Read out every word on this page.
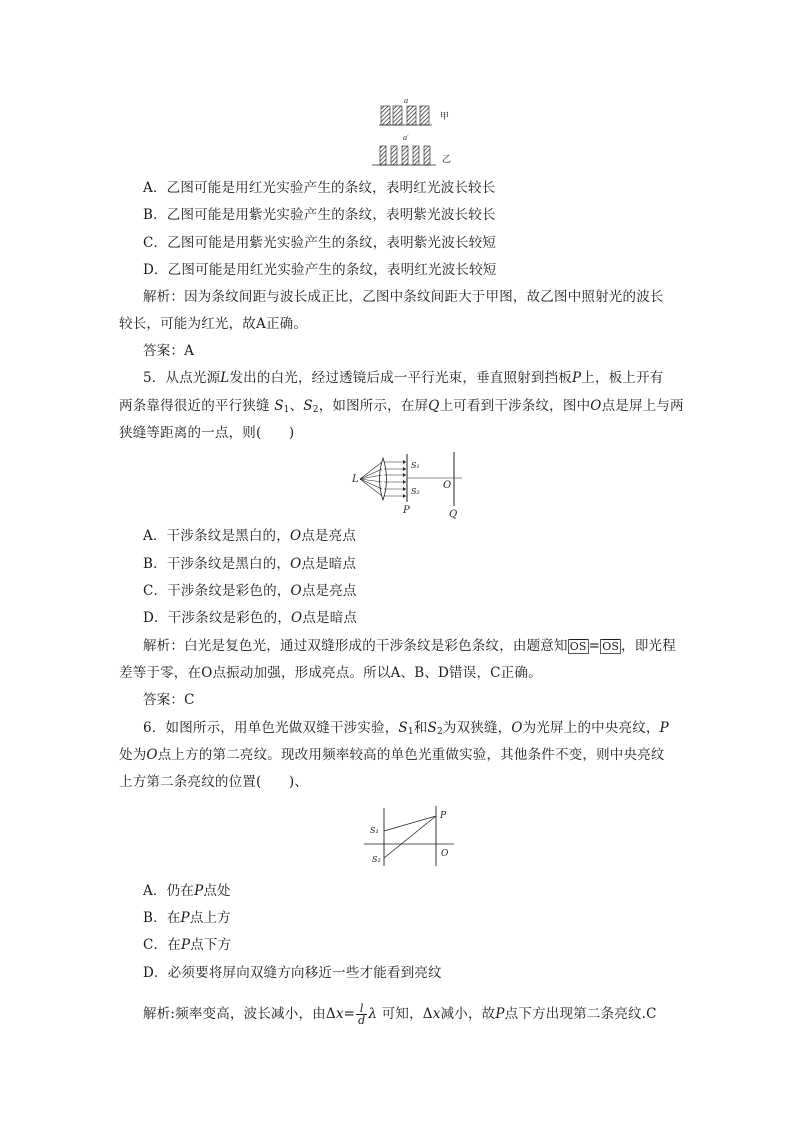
a
甲
a′
乙
A．乙图可能是用红光实验产生的条纹，表明红光波长较长
B．乙图可能是用紫光实验产生的条纹，表明紫光波长较长
C．乙图可能是用紫光实验产生的条纹，表明紫光波长较短
D．乙图可能是用红光实验产生的条纹，表明红光波长较短
解析：因为条纹间距与波长成正比，乙图中条纹间距大于甲图，故乙图中照射光的波长
较长，可能为红光，故A正确。
答案：A
5．从点光源L发出的白光，经过透镜后成一平行光束，垂直照射到挡板P上，板上开有
两条靠得很近的平行狭缝 $S_1$、$S_2$，如图所示，在屏Q上可看到干涉条纹，图中O点是屏上与两
狭缝等距离的一点，则(　　)
L
S₁
S₂
P
O
Q
A．干涉条纹是黑白的，O点是亮点
B．干涉条纹是黑白的，O点是暗点
C．干涉条纹是彩色的，O点是亮点
D．干涉条纹是彩色的，O点是暗点
解析：白光是复色光，通过双缝形成的干涉条纹是彩色条纹，由题意知 $\overline{OS} = \overline{OS}$ ，即光程
差等于零，在O点振动加强，形成亮点。所以A、B、D错误，C正确。
答案：C
6．如图所示，用单色光做双缝干涉实验，$S_1$和$S_2$为双狭缝，O为光屏上的中央亮纹，P
处为O点上方的第二亮纹。现改用频率较高的单色光重做实验，其他条件不变，则中央亮纹
上方第二条亮纹的位置(　　)、
S₁
S₂
P
O
A．仍在P点处
B．在P点上方
C．在P点下方
D．必须要将屏向双缝方向移近一些才能看到亮纹
解析:频率变高，波长减小，由$\Delta x= \frac{l}{d}$ λ 可知，Δx减小，故P点下方出现第二条亮纹.C
